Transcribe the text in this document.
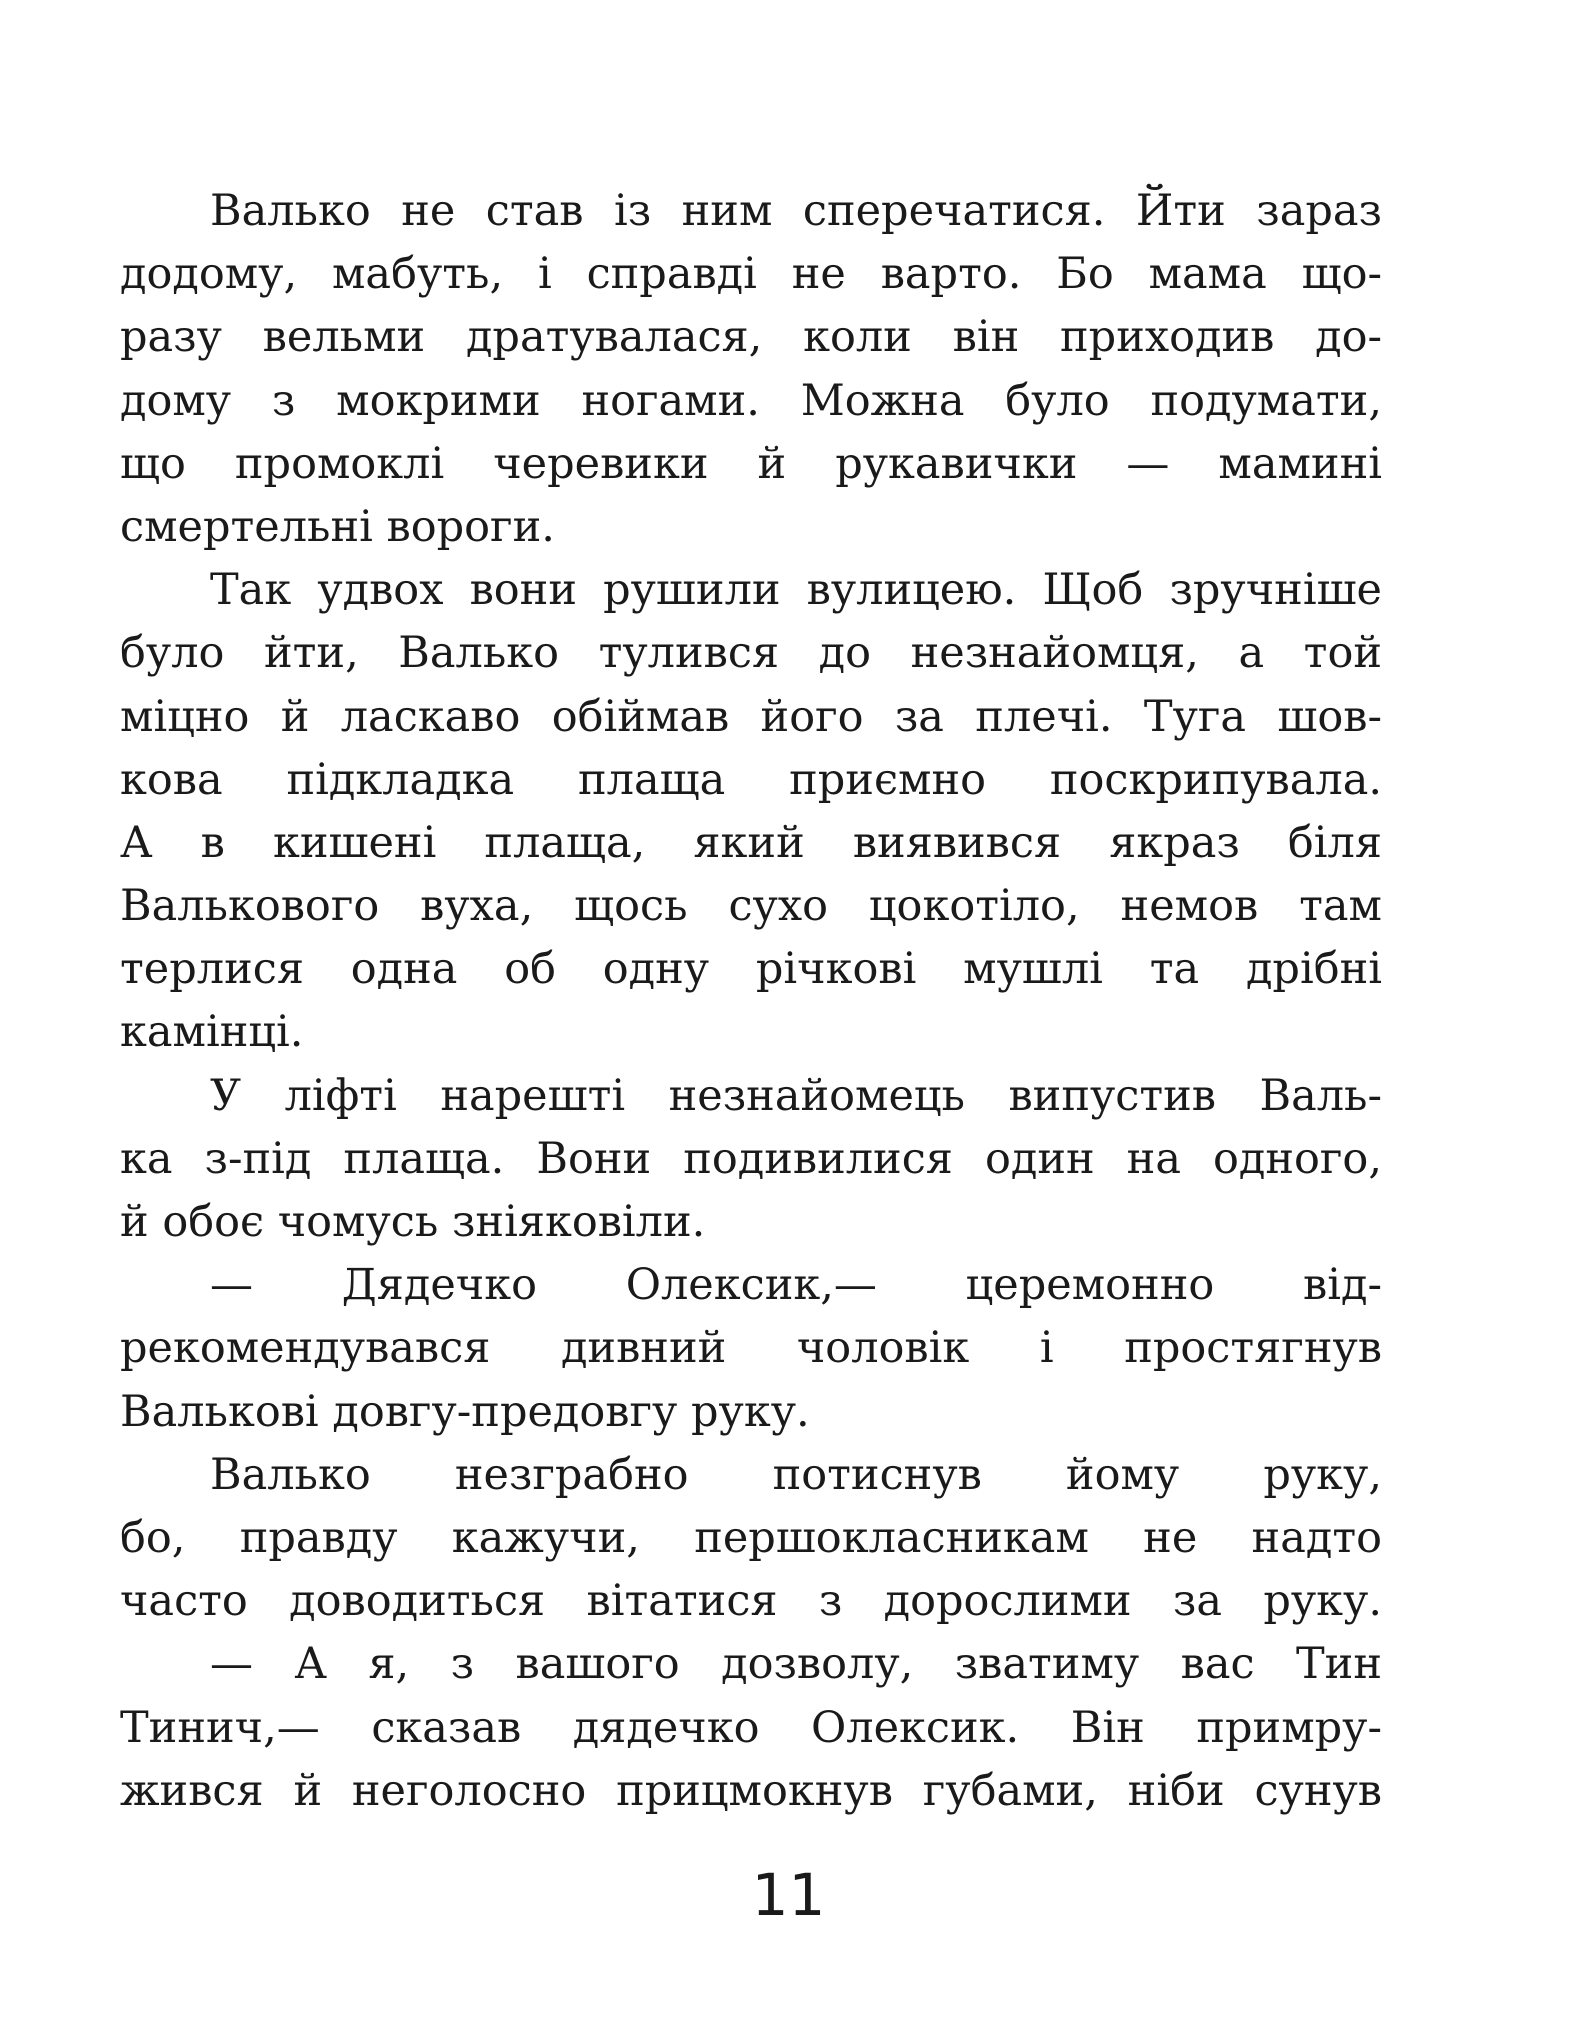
Валько не став із ним сперечатися. Йти зараз
додому, мабуть, і справді не варто. Бо мама що-
разу вельми дратувалася, коли він приходив до-
дому з мокрими ногами. Можна було подумати,
що промоклі черевики й рукавички — мамині
смертельні вороги.
Так удвох вони рушили вулицею. Щоб зручніше
було йти, Валько тулився до незнайомця, а той
міцно й ласкаво обіймав його за плечі. Туга шов-
кова підкладка плаща приємно поскрипувала.
А в кишені плаща, який виявився якраз біля
Валькового вуха, щось сухо цокотіло, немов там
терлися одна об одну річкові мушлі та дрібні
камінці.
У ліфті нарешті незнайомець випустив Валь-
ка з-під плаща. Вони подивилися один на одного,
й обоє чомусь зніяковіли.
— Дядечко Олексик,— церемонно від-
рекомендувався дивний чоловік і простягнув
Валькові довгу-предовгу руку.
Валько незграбно потиснув йому руку,
бо, правду кажучи, першокласникам не надто
часто доводиться вітатися з дорослими за руку.
— А я, з вашого дозволу, зватиму вас Тин
Тинич,— сказав дядечко Олексик. Він примру-
жився й неголосно прицмокнув губами, ніби сунув
11
